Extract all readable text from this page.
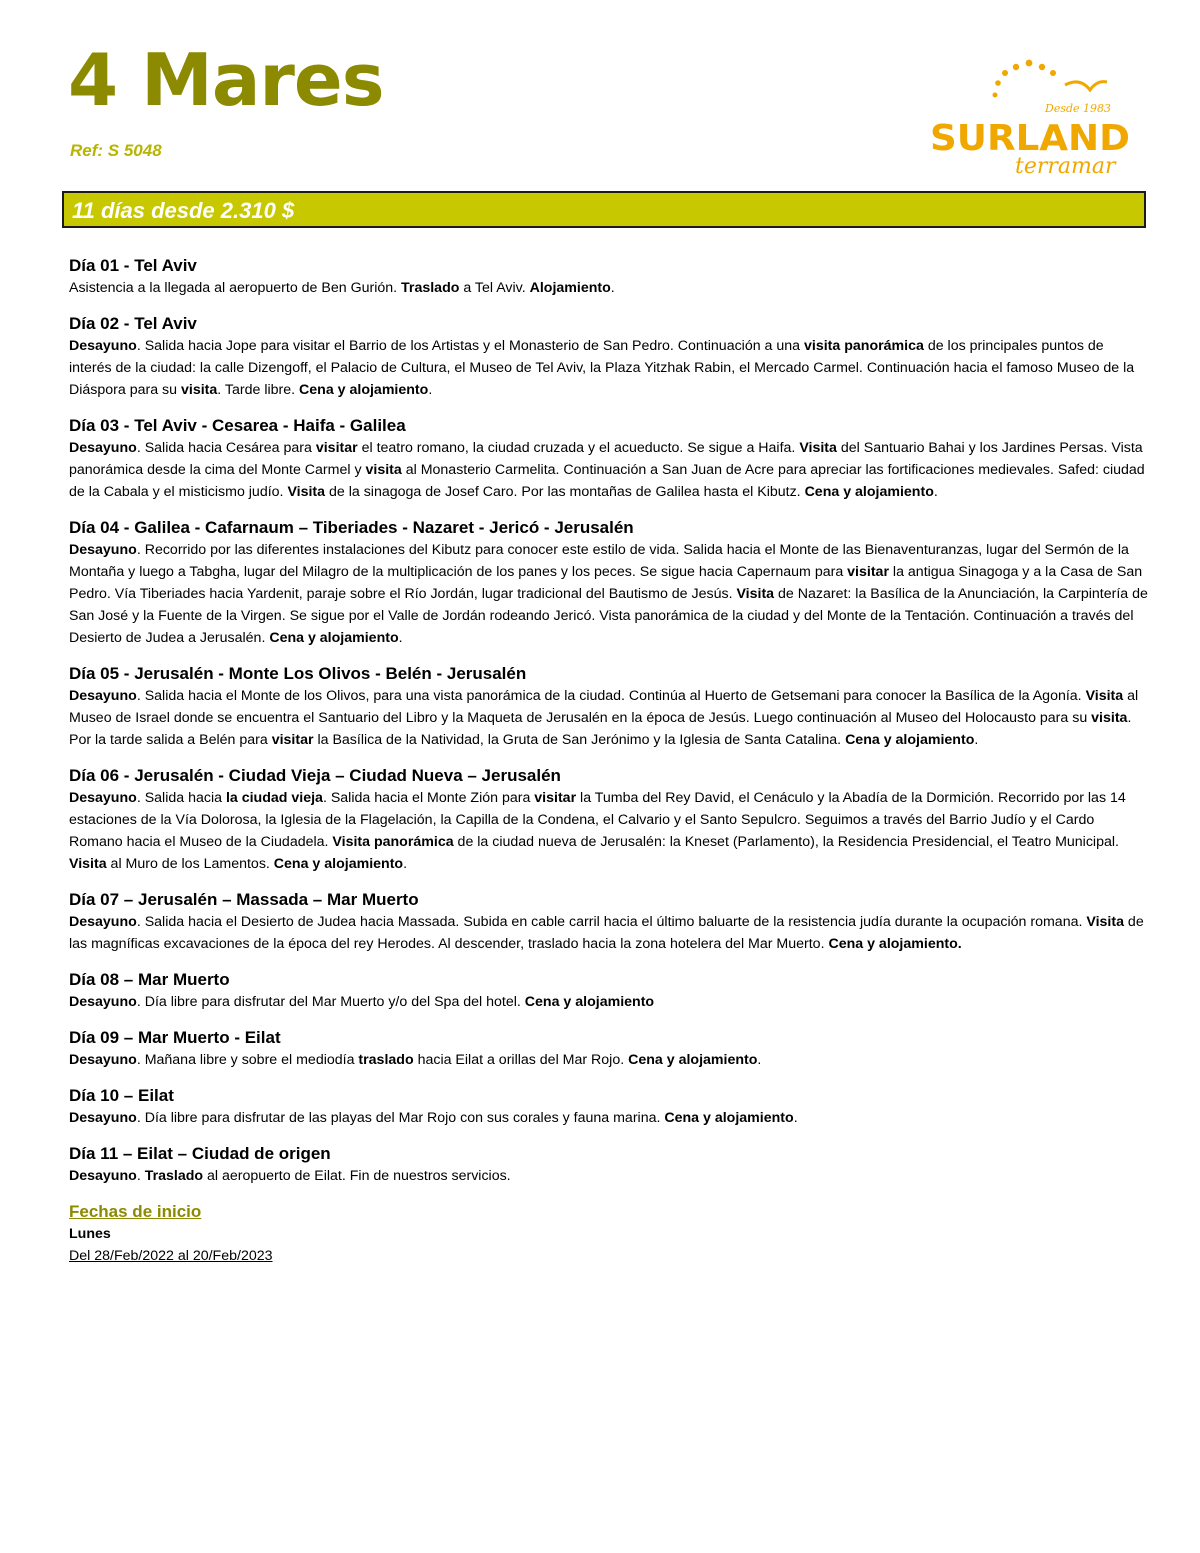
4 Mares
Ref: S 5048
Desde 1983
SURLAND
terramar
11 días desde 2.310 $
Día 01 - Tel Aviv

Asistencia a la llegada al aeropuerto de Ben Gurión. Traslado a Tel Aviv. Alojamiento.

Día 02 - Tel Aviv

Desayuno. Salida hacia Jope para visitar el Barrio de los Artistas y el Monasterio de San Pedro. Continuación a una visita panorámica de los principales puntos de interés de la ciudad: la calle Dizengoff, el Palacio de Cultura, el Museo de Tel Aviv, la Plaza Yitzhak Rabin, el Mercado Carmel. Continuación hacia el famoso Museo de la Diáspora para su visita. Tarde libre. Cena y alojamiento.

Día 03 - Tel Aviv - Cesarea - Haifa - Galilea

Desayuno. Salida hacia Cesárea para visitar el teatro romano, la ciudad cruzada y el acueducto. Se sigue a Haifa. Visita del Santuario Bahai y los Jardines Persas. Vista panorámica desde la cima del Monte Carmel y visita al Monasterio Carmelita. Continuación a San Juan de Acre para apreciar las fortificaciones medievales. Safed: ciudad de la Cabala y el misticismo judío. Visita de la sinagoga de Josef Caro. Por las montañas de Galilea hasta el Kibutz. Cena y alojamiento.

Día 04 - Galilea - Cafarnaum – Tiberiades - Nazaret - Jericó - Jerusalén

Desayuno. Recorrido por las diferentes instalaciones del Kibutz para conocer este estilo de vida. Salida hacia el Monte de las Bienaventuranzas, lugar del Sermón de la Montaña y luego a Tabgha, lugar del Milagro de la multiplicación de los panes y los peces. Se sigue hacia Capernaum para visitar la antigua Sinagoga y a la Casa de San Pedro. Vía Tiberiades hacia Yardenit, paraje sobre el Río Jordán, lugar tradicional del Bautismo de Jesús. Visita de Nazaret: la Basílica de la Anunciación, la Carpintería de San José y la Fuente de la Virgen. Se sigue por el Valle de Jordán rodeando Jericó. Vista panorámica de la ciudad y del Monte de la Tentación. Continuación a través del Desierto de Judea a Jerusalén. Cena y alojamiento.

Día 05 - Jerusalén - Monte Los Olivos - Belén - Jerusalén

Desayuno. Salida hacia el Monte de los Olivos, para una vista panorámica de la ciudad. Continúa al Huerto de Getsemani para conocer la Basílica de la Agonía. Visita al Museo de Israel donde se encuentra el Santuario del Libro y la Maqueta de Jerusalén en la época de Jesús. Luego continuación al Museo del Holocausto para su visita. Por la tarde salida a Belén para visitar la Basílica de la Natividad, la Gruta de San Jerónimo y la Iglesia de Santa Catalina. Cena y alojamiento.

Día 06 - Jerusalén - Ciudad Vieja – Ciudad Nueva – Jerusalén

Desayuno. Salida hacia la ciudad vieja. Salida hacia el Monte Zión para visitar la Tumba del Rey David, el Cenáculo y la Abadía de la Dormición. Recorrido por las 14 estaciones de la Vía Dolorosa, la Iglesia de la Flagelación, la Capilla de la Condena, el Calvario y el Santo Sepulcro. Seguimos a través del Barrio Judío y el Cardo Romano hacia el Museo de la Ciudadela. Visita panorámica de la ciudad nueva de Jerusalén: la Kneset (Parlamento), la Residencia Presidencial, el Teatro Municipal. Visita al Muro de los Lamentos. Cena y alojamiento.

Día 07 – Jerusalén – Massada – Mar Muerto

Desayuno. Salida hacia el Desierto de Judea hacia Massada. Subida en cable carril hacia el último baluarte de la resistencia judía durante la ocupación romana. Visita de las magníficas excavaciones de la época del rey Herodes. Al descender, traslado hacia la zona hotelera del Mar Muerto. Cena y alojamiento.

Día 08 – Mar Muerto

Desayuno. Día libre para disfrutar del Mar Muerto y/o del Spa del hotel. Cena y alojamiento

Día 09 – Mar Muerto - Eilat

Desayuno. Mañana libre y sobre el mediodía traslado hacia Eilat a orillas del Mar Rojo. Cena y alojamiento.

Día 10 – Eilat

Desayuno. Día libre para disfrutar de las playas del Mar Rojo con sus corales y fauna marina. Cena y alojamiento.

Día 11 – Eilat – Ciudad de origen

Desayuno. Traslado al aeropuerto de Eilat. Fin de nuestros servicios.

Fechas de inicio
Lunes
Del 28/Feb/2022 al 20/Feb/2023
